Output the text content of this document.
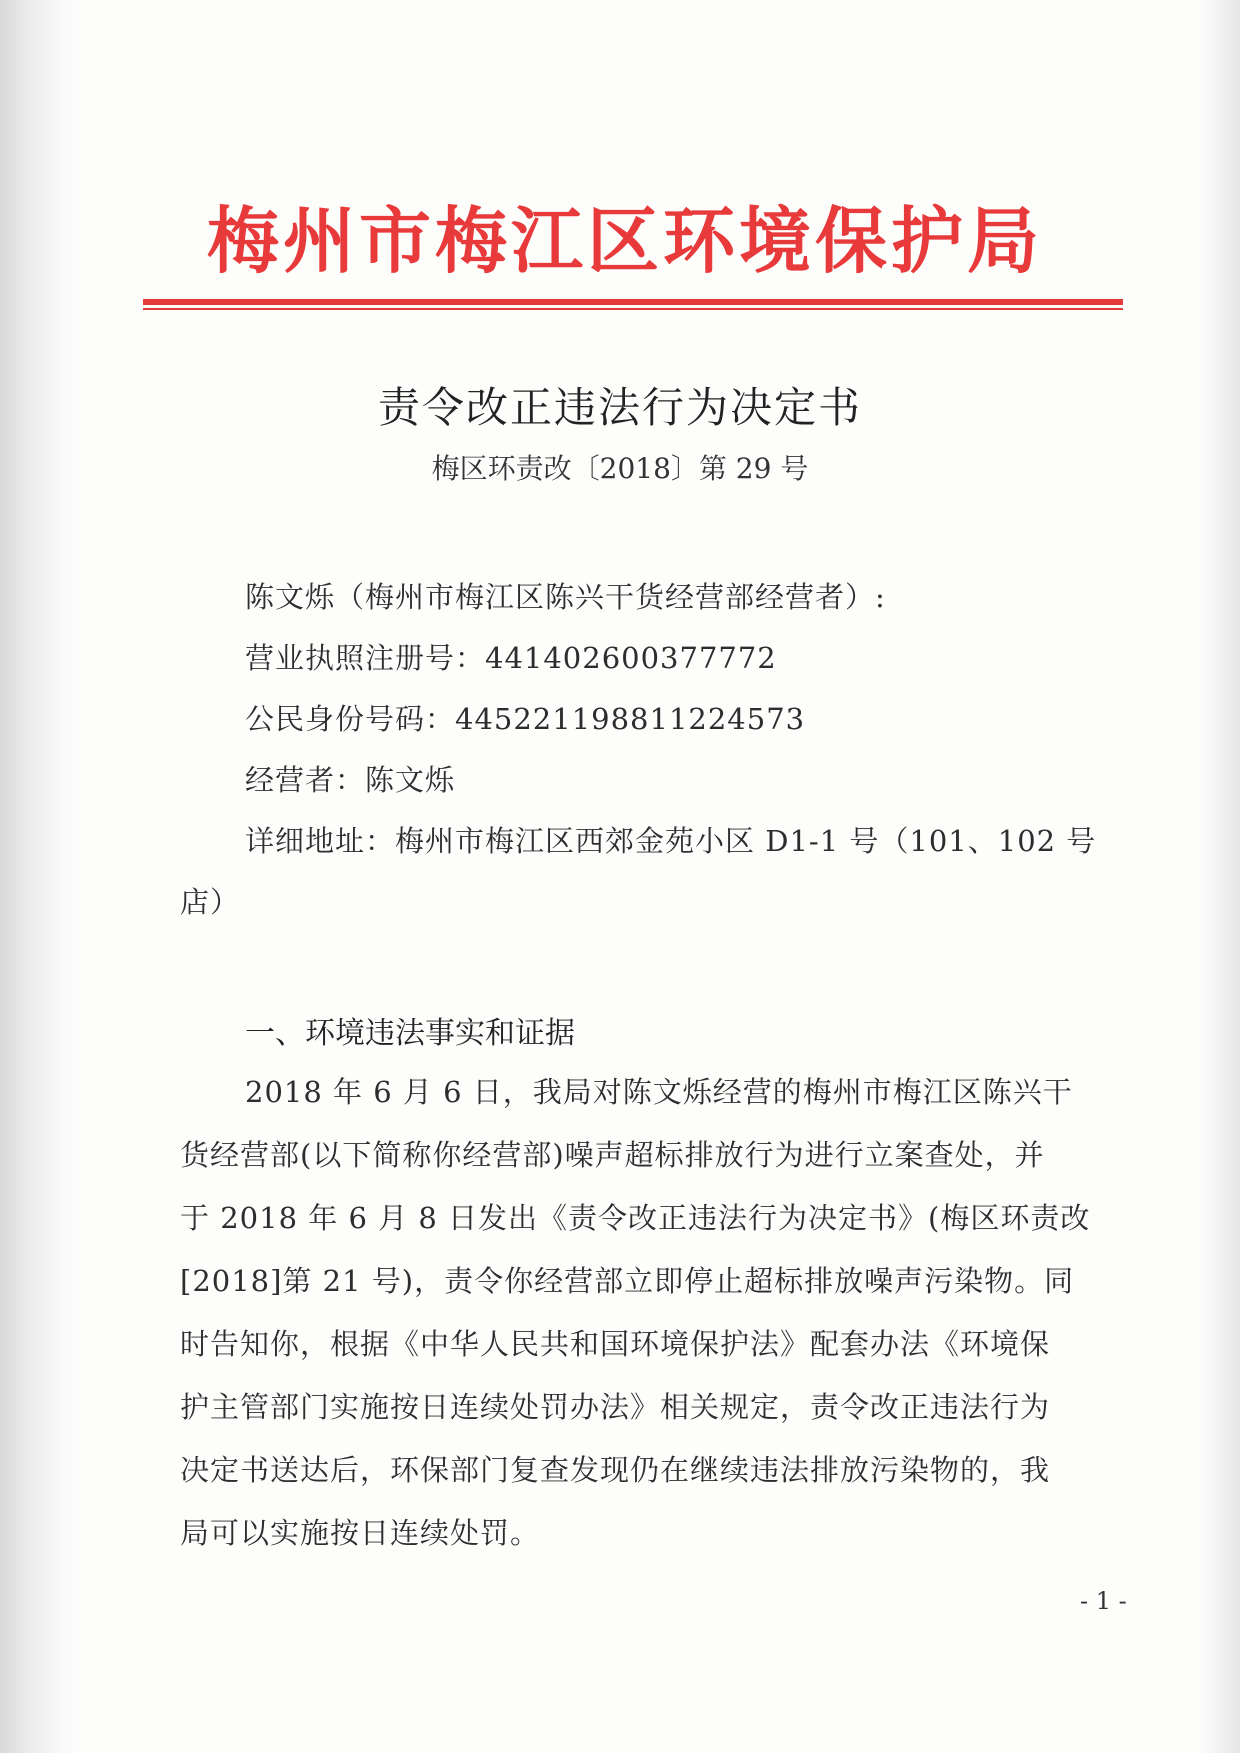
梅州市梅江区环境保护局
责令改正违法行为决定书
梅区环责改〔2018〕第 29 号
陈文烁（梅州市梅江区陈兴干货经营部经营者）:
营业执照注册号：441402600377772
公民身份号码：445221198811224573
经营者：陈文烁
详细地址：梅州市梅江区西郊金苑小区 D1-1 号（101、102 号
店）
一、环境违法事实和证据
2018 年 6 月 6 日，我局对陈文烁经营的梅州市梅江区陈兴干
货经营部(以下简称你经营部)噪声超标排放行为进行立案查处，并
于 2018 年 6 月 8 日发出《责令改正违法行为决定书》(梅区环责改
[2018]第 21 号)，责令你经营部立即停止超标排放噪声污染物。同
时告知你，根据《中华人民共和国环境保护法》配套办法《环境保
护主管部门实施按日连续处罚办法》相关规定，责令改正违法行为
决定书送达后，环保部门复查发现仍在继续违法排放污染物的，我
局可以实施按日连续处罚。
- 1 -
